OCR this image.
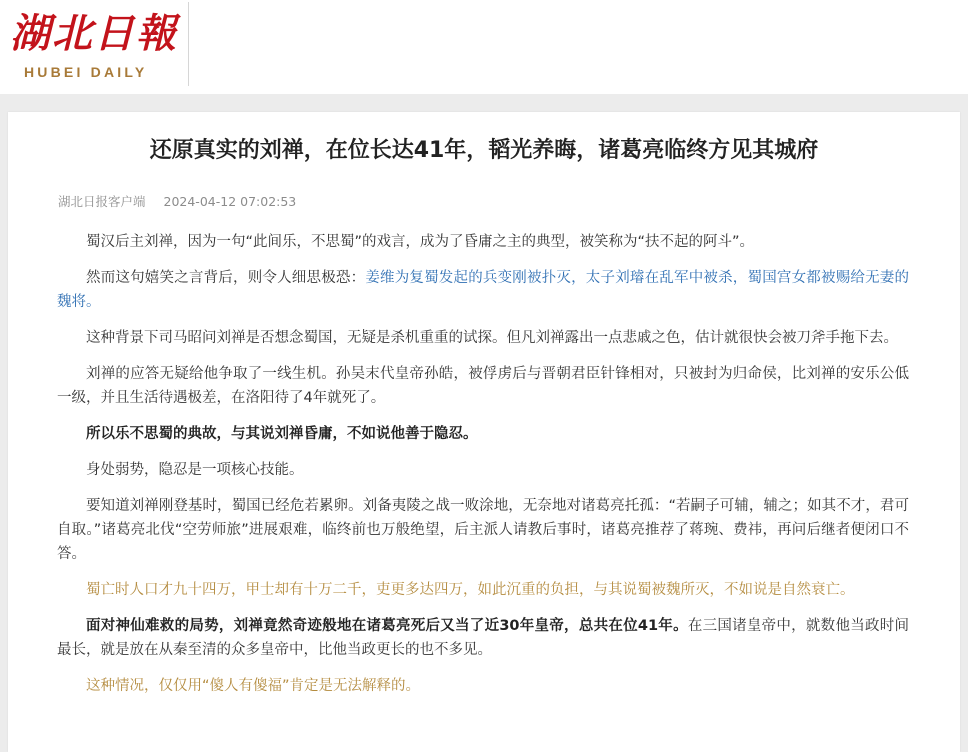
湖北日報
HUBEI DAILY
还原真实的刘禅，在位长达41年，韬光养晦，诸葛亮临终方见其城府
湖北日报客户端 2024-04-12 07:02:53

蜀汉后主刘禅，因为一句“此间乐，不思蜀”的戏言，成为了昏庸之主的典型，被笑称为“扶不起的阿斗”。

然而这句嬉笑之言背后，则令人细思极恐：姜维为复蜀发起的兵变刚被扑灭，太子刘璿在乱军中被杀，蜀国宫女都被赐给无妻的魏将。

这种背景下司马昭问刘禅是否想念蜀国，无疑是杀机重重的试探。但凡刘禅露出一点悲戚之色，估计就很快会被刀斧手拖下去。

刘禅的应答无疑给他争取了一线生机。孙吴末代皇帝孙皓，被俘虏后与晋朝君臣针锋相对，只被封为归命侯，比刘禅的安乐公低一级，并且生活待遇极差，在洛阳待了4年就死了。

所以乐不思蜀的典故，与其说刘禅昏庸，不如说他善于隐忍。

身处弱势，隐忍是一项核心技能。

要知道刘禅刚登基时，蜀国已经危若累卵。刘备夷陵之战一败涂地，无奈地对诸葛亮托孤：“若嗣子可辅，辅之；如其不才，君可自取。”诸葛亮北伐“空劳师旅”进展艰难，临终前也万般绝望，后主派人请教后事时，诸葛亮推荐了蒋琬、费祎，再问后继者便闭口不答。

蜀亡时人口才九十四万，甲士却有十万二千，吏更多达四万，如此沉重的负担，与其说蜀被魏所灭，不如说是自然衰亡。

面对神仙难救的局势，刘禅竟然奇迹般地在诸葛亮死后又当了近30年皇帝，总共在位41年。在三国诸皇帝中，就数他当政时间最长，就是放在从秦至清的众多皇帝中，比他当政更长的也不多见。

这种情况，仅仅用“傻人有傻福”肯定是无法解释的。
